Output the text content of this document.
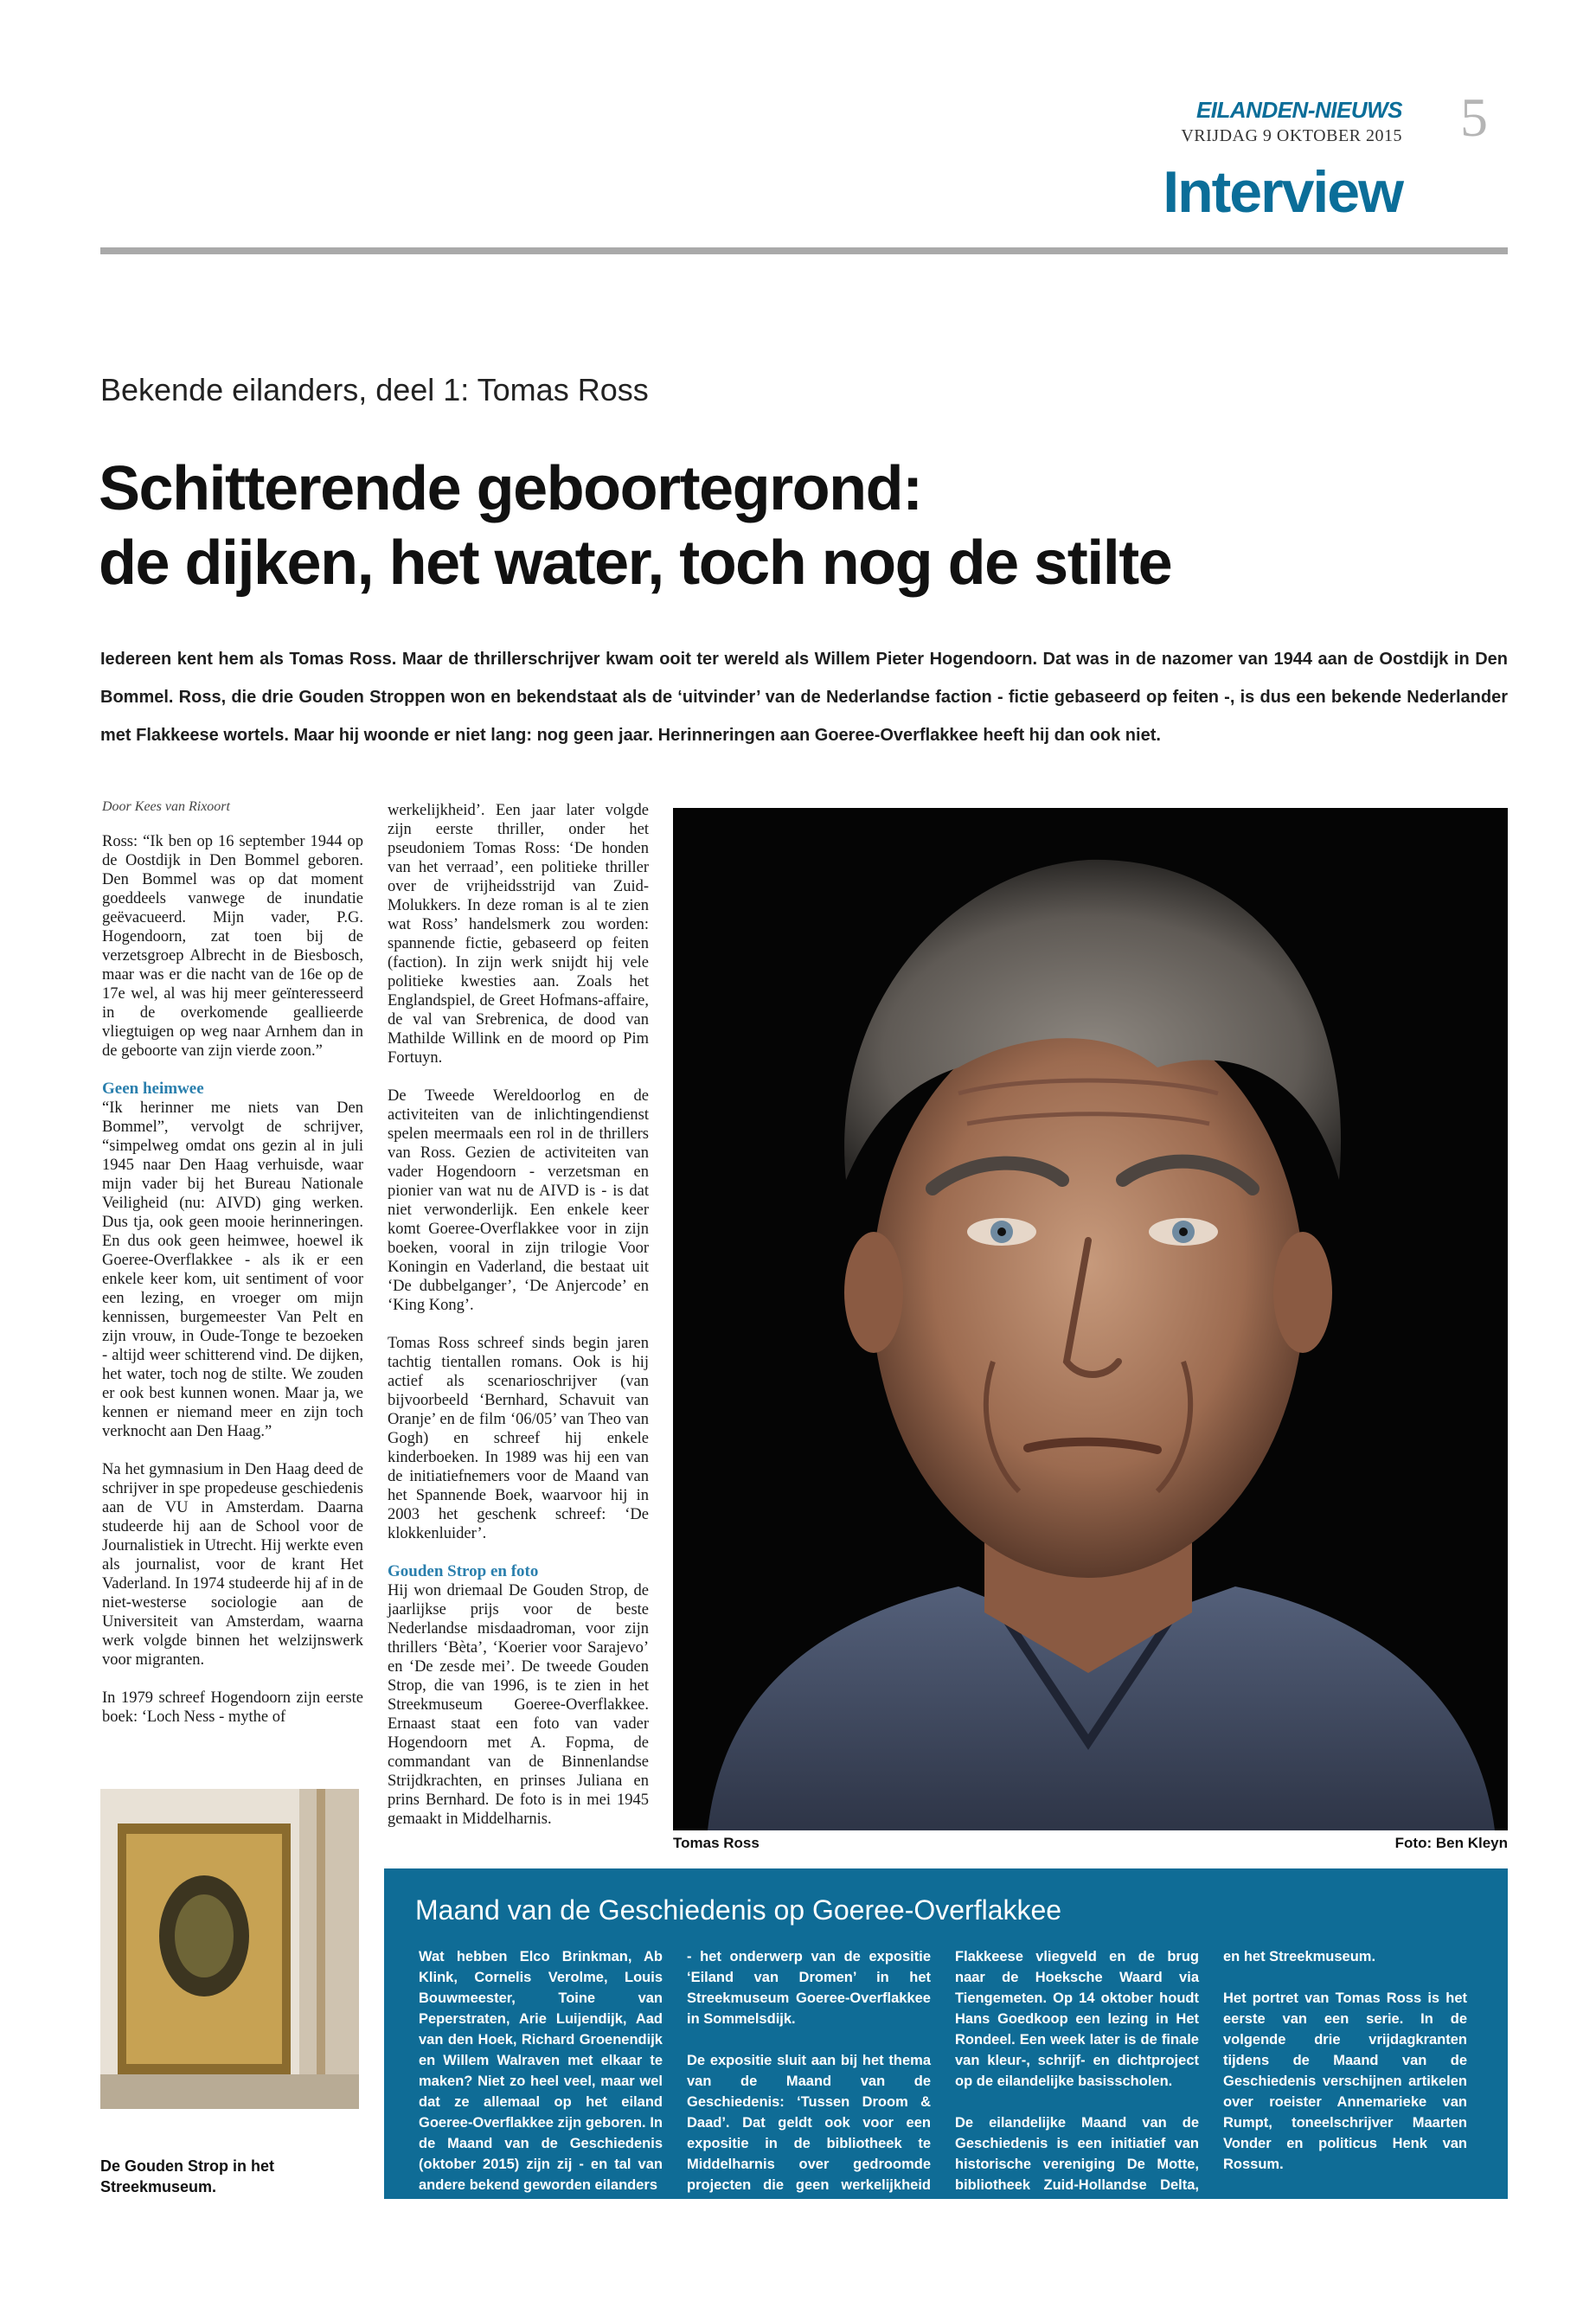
EILANDEN-NIEUWS
VRIJDAG 9 OKTOBER 2015 5
Interview
Bekende eilanders, deel 1: Tomas Ross
Schitterende geboortegrond:
de dijken, het water, toch nog de stilte
Iedereen kent hem als Tomas Ross. Maar de thrillerschrijver kwam ooit ter wereld als Willem Pieter Hogendoorn. Dat was in de nazomer van 1944 aan de Oostdijk in Den Bommel. Ross, die drie Gouden Stroppen won en bekendstaat als de ‘uitvinder’ van de Nederlandse faction - fictie gebaseerd op feiten -, is dus een bekende Nederlander met Flakkeese wortels. Maar hij woonde er niet lang: nog geen jaar. Herinneringen aan Goeree-Overflakkee heeft hij dan ook niet.

Door Kees van Rixoort

Ross: “Ik ben op 16 september 1944 op de Oostdijk in Den Bommel geboren. Den Bommel was op dat moment goeddeels vanwege de inundatie geëvacueerd. Mijn vader, P.G. Hogendoorn, zat toen bij de verzetsgroep Albrecht in de Biesbosch, maar was er die nacht van de 16e op de 17e wel, al was hij meer geïnteresseerd in de overkomende geallieerde vliegtuigen op weg naar Arnhem dan in de geboorte van zijn vierde zoon.”

Geen heimwee

“Ik herinner me niets van Den Bommel”, vervolgt de schrijver, “simpelweg omdat ons gezin al in juli 1945 naar Den Haag verhuisde, waar mijn vader bij het Bureau Nationale Veiligheid (nu: AIVD) ging werken. Dus tja, ook geen mooie herinneringen. En dus ook geen heimwee, hoewel ik Goeree-Overflakkee - als ik er een enkele keer kom, uit sentiment of voor een lezing, en vroeger om mijn kennissen, burgemeester Van Pelt en zijn vrouw, in Oude-Tonge te bezoeken - altijd weer schitterend vind. De dijken, het water, toch nog de stilte. We zouden er ook best kunnen wonen. Maar ja, we kennen er niemand meer en zijn toch verknocht aan Den Haag.”

Na het gymnasium in Den Haag deed de schrijver in spe propedeuse geschiedenis aan de VU in Amsterdam. Daarna studeerde hij aan de School voor de Journalistiek in Utrecht. Hij werkte even als journalist, voor de krant Het Vaderland. In 1974 studeerde hij af in de niet-westerse sociologie aan de Universiteit van Amsterdam, waarna werk volgde binnen het welzijnswerk voor migranten.

In 1979 schreef Hogendoorn zijn eerste boek: ‘Loch Ness - mythe of

werkelijkheid’. Een jaar later volgde zijn eerste thriller, onder het pseudoniem Tomas Ross: ‘De honden van het verraad’, een politieke thriller over de vrijheidsstrijd van Zuid-Molukkers. In deze roman is al te zien wat Ross’ handelsmerk zou worden: spannende fictie, gebaseerd op feiten (faction). In zijn werk snijdt hij vele politieke kwesties aan. Zoals het Englandspiel, de Greet Hofmans-affaire, de val van Srebrenica, de dood van Mathilde Willink en de moord op Pim Fortuyn.

De Tweede Wereldoorlog en de activiteiten van de inlichtingendienst spelen meermaals een rol in de thrillers van Ross. Gezien de activiteiten van vader Hogendoorn - verzetsman en pionier van wat nu de AIVD is - is dat niet verwonderlijk. Een enkele keer komt Goeree-Overflakkee voor in zijn boeken, vooral in zijn trilogie Voor Koningin en Vaderland, die bestaat uit ‘De dubbelganger’, ‘De Anjercode’ en ‘King Kong’.

Tomas Ross schreef sinds begin jaren tachtig tientallen romans. Ook is hij actief als scenarioschrijver (van bijvoorbeeld ‘Bernhard, Schavuit van Oranje’ en de film ‘06/05’ van Theo van Gogh) en schreef hij enkele kinderboeken. In 1989 was hij een van de initiatiefnemers voor de Maand van het Spannende Boek, waarvoor hij in 2003 het geschenk schreef: ‘De klokkenluider’.

Gouden Strop en foto

Hij won driemaal De Gouden Strop, de jaarlijkse prijs voor de beste Nederlandse misdaadroman, voor zijn thrillers ‘Bèta’, ‘Koerier voor Sarajevo’ en ‘De zesde mei’. De tweede Gouden Strop, die van 1996, is te zien in het Streekmuseum Goeree-Overflakkee. Ernaast staat een foto van vader Hogendoorn met A. Fopma, de commandant van de Binnenlandse Strijdkrachten, en prinses Juliana en prins Bernhard. De foto is in mei 1945 gemaakt in Middelharnis.

Tomas Ross	Foto: Ben Kleyn
De Gouden Strop in het Streekmuseum.
Maand van de Geschiedenis op Goeree-Overflakkee

Wat hebben Elco Brinkman, Ab Klink, Cornelis Verolme, Louis Bouwmeester, Toine van Peperstraten, Arie Luijendijk, Aad van den Hoek, Richard Groenendijk en Willem Walraven met elkaar te maken? Niet zo heel veel, maar wel dat ze allemaal op het eiland Goeree-Overflakkee zijn geboren. In de Maand van de Geschiedenis (oktober 2015) zijn zij - en tal van andere bekend geworden eilanders

- het onderwerp van de expositie ‘Eiland van Dromen’ in het Streekmuseum Goeree-Overflakkee in Sommelsdijk.

De expositie sluit aan bij het thema van de Maand van de Geschiedenis: ‘Tussen Droom & Daad’. Dat geldt ook voor een expositie in de bibliotheek te Middelharnis over gedroomde projecten die geen werkelijkheid werden, zoals het

Flakkeese vliegveld en de brug naar de Hoeksche Waard via Tiengemeten. Op 14 oktober houdt Hans Goedkoop een lezing in Het Rondeel. Een week later is de finale van kleur-, schrijf- en dichtproject op de eilandelijke basisscholen.

De eilandelijke Maand van de Geschiedenis is een initiatief van historische vereniging De Motte, bibliotheek Zuid-Hollandse Delta, Streekarchief Goeree-Overflakkee

en het Streekmuseum.

Het portret van Tomas Ross is het eerste van een serie. In de volgende drie vrijdagkranten tijdens de Maand van de Geschiedenis verschijnen artikelen over roeister Annemarieke van Rumpt, toneelschrijver Maarten Vonder en politicus Henk van Rossum.
